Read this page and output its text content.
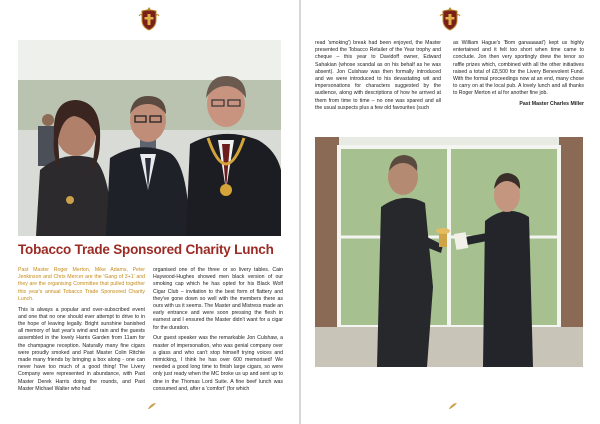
Tobacco Trade Sponsored Charity Lunch

Past Master Roger Merton, Mike Adams, Peter Jenkinson and Chris Mercer are the 'Gang of 3+1' and they are the organising Committee that pulled together this year's annual Tobacco Trade Sponsored Charity Lunch.

This is always a popular and over-subscribed event and one that no one should ever attempt to drive to in the hope of leaving legally. Bright sunshine banished all memory of last year's wind and rain and the guests assembled in the lovely Harris Garden from 11am for the champagne reception. Naturally many fine cigars were proudly smoked and Past Master Colin Ritchie made many friends by bringing a box along - one can never have too much of a good thing! The Livery Company were represented in abundance, with Past Master Derek Harris doing the rounds, and Past Master Michael Walter who had

organised one of the three or so livery tables. Cain Haywood-Hughes showed men black version of our smoking cap which he has opted for his Black Wolf Cigar Club – invitation to the best form of flattery and they've gone down so well with the members there as ours with us it seems. The Master and Mistress made an early entrance and were soon pressing the flesh in earnest and I ensured the Master didn't want for a cigar for the duration.

Our guest speaker was the remarkable Jon Culshaw, a master of impersonation, who was genial company over a glass and who can't stop himself trying voices and mimicking, I think he has over 600 memorised! We needed a good long time to finish large cigars, so were only just ready when the MC broke us up and sent up to dine in the Thomas Lord Suite. A fine beef lunch was consumed and, after a 'comfort' (for which

read 'smoking') break had been enjoyed, the Master presented the Tobacco Retailer of the Year trophy and cheque – this year to Davidoff owner, Edward Sahakian (whose scandal as on his behalf as he was absent). Jon Culshaw was then formally introduced and we were introduced to his devastating wit and impersonations for characters suggested by the audience, along with descriptions of how he arrived at them from time to time – no one was spared and all the usual suspects plus a few old favourites (such

as William Hague's 'Bom ganaaaaat') kept us highly entertained and it felt too short when time came to conclude. Jon then very sportingly drew the tenor so raffle prizes which, combined with all the other initiatives raised a total of £8,500 for the Livery Benevolent Fund. With the formal proceedings now at an end, many chose to carry on at the local pub. A lovely lunch and all thanks to Roger Merton et al for another fine job.

Past Master Charles Miller
